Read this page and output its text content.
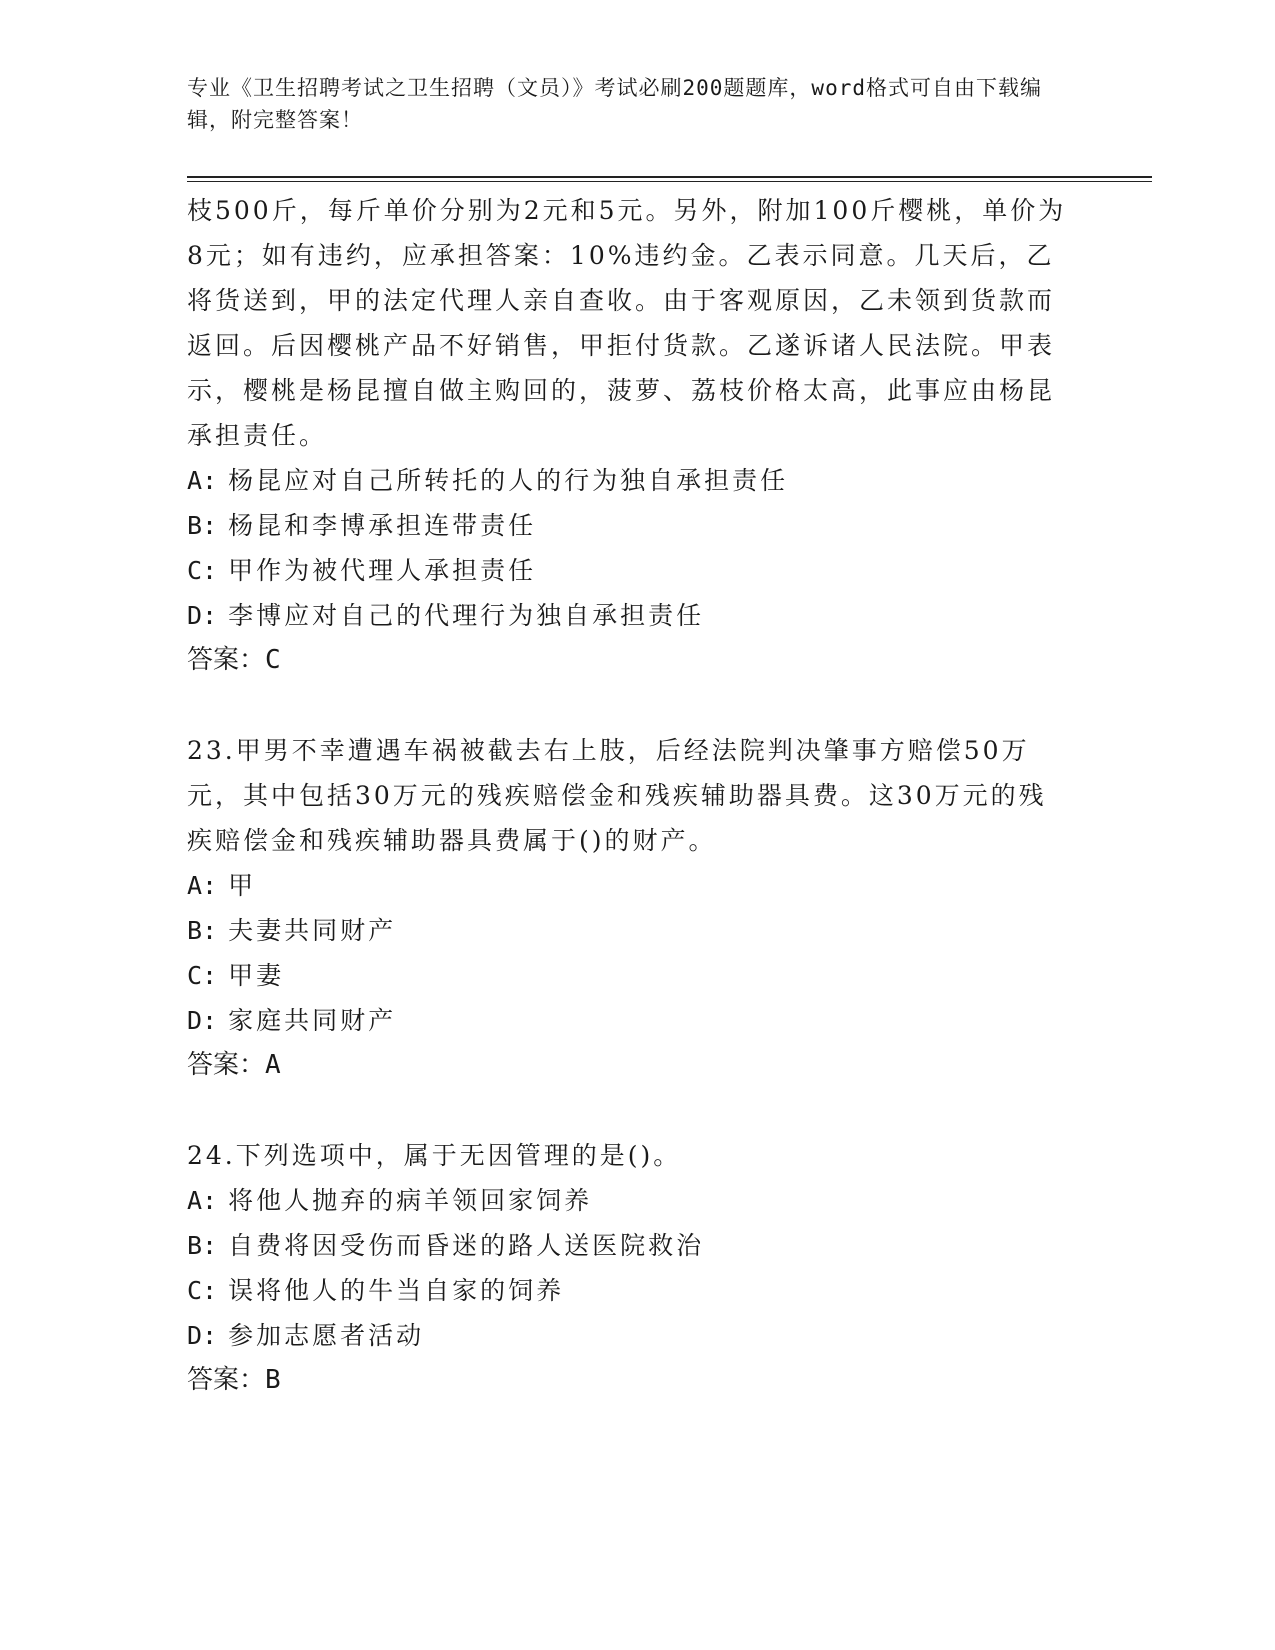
专业《卫生招聘考试之卫生招聘（文员）》考试必刷200题题库，word格式可自由下载编辑，附完整答案！

枝500斤，每斤单价分别为2元和5元。另外，附加100斤樱桃，单价为8元；如有违约，应承担答案：10%违约金。乙表示同意。几天后，乙将货送到，甲的法定代理人亲自查收。由于客观原因，乙未领到货款而返回。后因樱桃产品不好销售，甲拒付货款。乙遂诉诸人民法院。甲表示，樱桃是杨昆擅自做主购回的，菠萝、荔枝价格太高，此事应由杨昆承担责任。

A: 杨昆应对自己所转托的人的行为独自承担责任

B: 杨昆和李博承担连带责任

C: 甲作为被代理人承担责任

D: 李博应对自己的代理行为独自承担责任

答案：C

23.甲男不幸遭遇车祸被截去右上肢，后经法院判决肇事方赔偿50万元，其中包括30万元的残疾赔偿金和残疾辅助器具费。这30万元的残疾赔偿金和残疾辅助器具费属于()的财产。

A: 甲

B: 夫妻共同财产

C: 甲妻

D: 家庭共同财产

答案：A

24.下列选项中，属于无因管理的是()。

A: 将他人抛弃的病羊领回家饲养

B: 自费将因受伤而昏迷的路人送医院救治

C: 误将他人的牛当自家的饲养

D: 参加志愿者活动

答案：B
